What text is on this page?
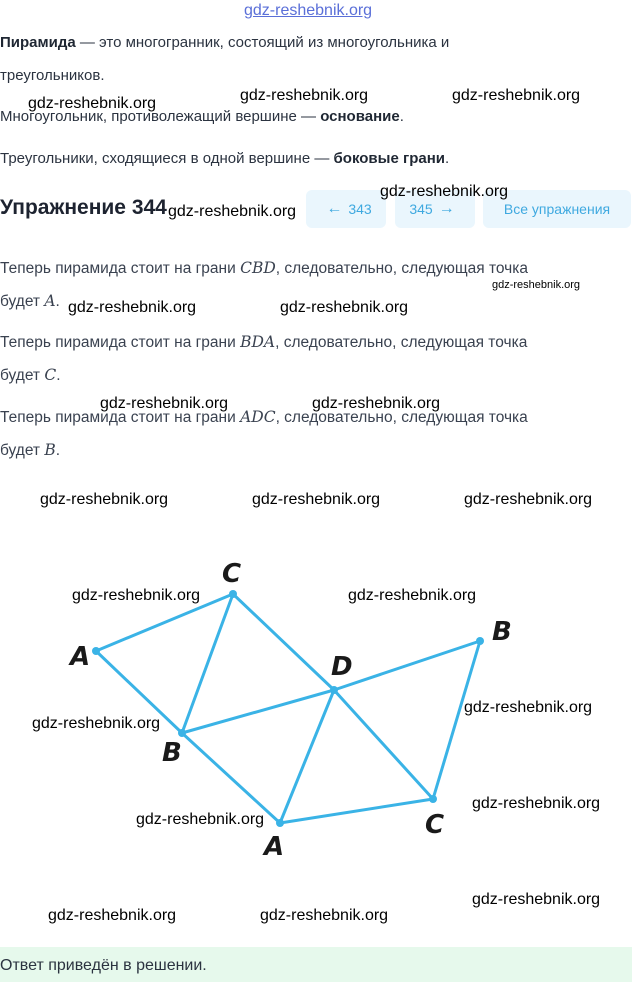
gdz-reshebnik.org
Пирамида — это многогранник, состоящий из многоугольника и
треугольников.
Многоугольник, противолежащий вершине — основание.
Треугольники, сходящиеся в одной вершине — боковые грани.
Упражнение 344	← 343	345 →	Все упражнения
Теперь пирамида стоит на грани CBD, следовательно, следующая точка
будет A.
Теперь пирамида стоит на грани BDA, следовательно, следующая точка
будет C.
Теперь пирамида стоит на грани ADC, следовательно, следующая точка
будет B.
C
A	D
B
B
A
C
gdz-reshebnik.org	gdz-reshebnik.org	gdz-reshebnik.org
gdz-reshebnik.org
gdz-reshebnik.org
gdz-reshebnik.org
gdz-reshebnik.org	gdz-reshebnik.org
gdz-reshebnik.org	gdz-reshebnik.org
gdz-reshebnik.org	gdz-reshebnik.org	gdz-reshebnik.org
gdz-reshebnik.org	gdz-reshebnik.org
gdz-reshebnik.org
gdz-reshebnik.org
gdz-reshebnik.org
gdz-reshebnik.org
gdz-reshebnik.org
gdz-reshebnik.org	gdz-reshebnik.org
Ответ приведён в решении.
